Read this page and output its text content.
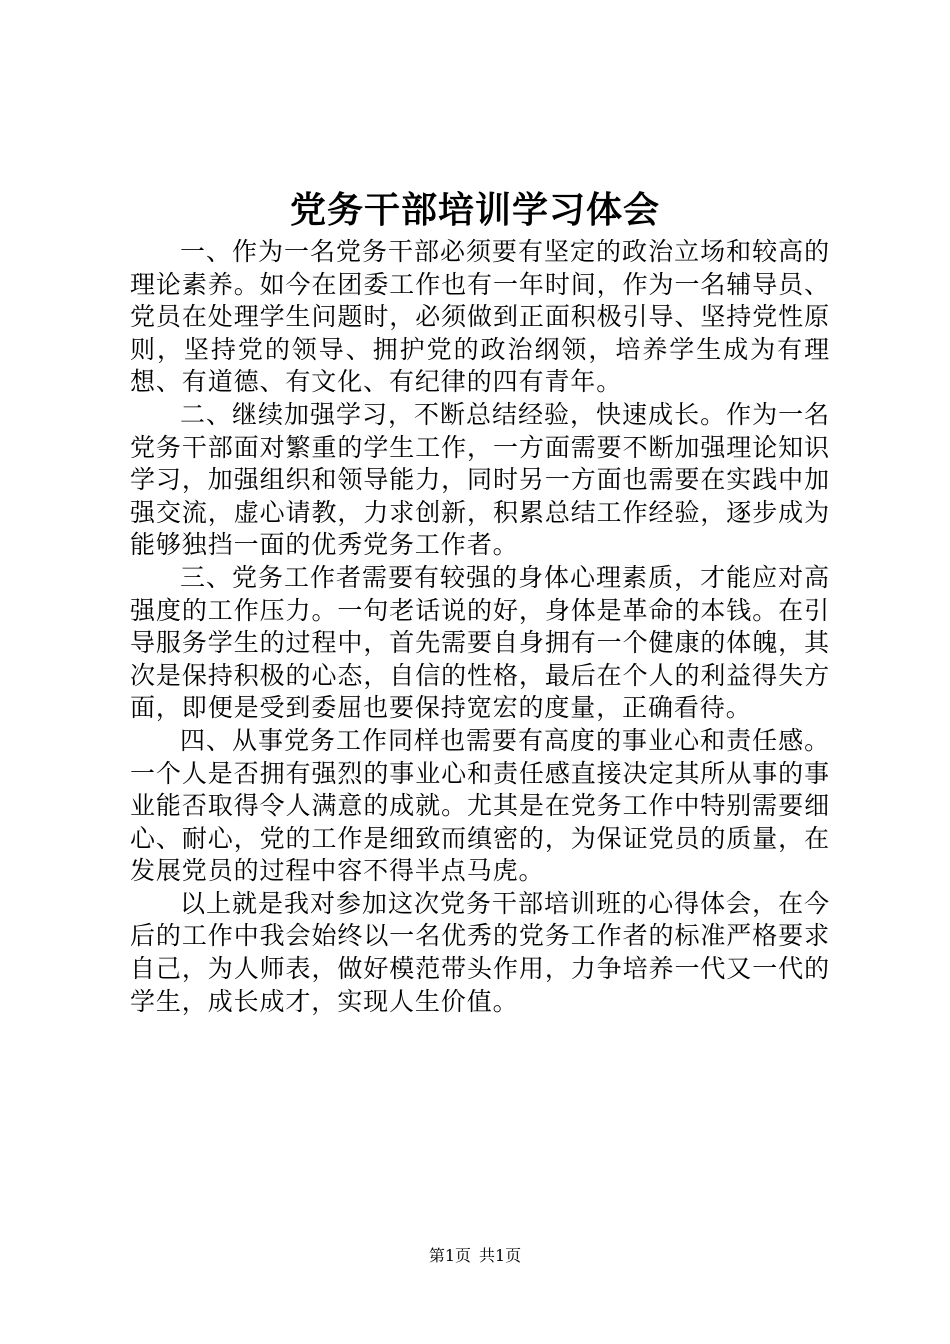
党务干部培训学习体会

一、作为一名党务干部必须要有坚定的政治立场和较高的理论素养。如今在团委工作也有一年时间，作为一名辅导员、党员在处理学生问题时，必须做到正面积极引导、坚持党性原则，坚持党的领导、拥护党的政治纲领，培养学生成为有理想、有道德、有文化、有纪律的四有青年。

二、继续加强学习，不断总结经验，快速成长。作为一名党务干部面对繁重的学生工作，一方面需要不断加强理论知识学习，加强组织和领导能力，同时另一方面也需要在实践中加强交流，虚心请教，力求创新，积累总结工作经验，逐步成为能够独挡一面的优秀党务工作者。

三、党务工作者需要有较强的身体心理素质，才能应对高强度的工作压力。一句老话说的好，身体是革命的本钱。在引导服务学生的过程中，首先需要自身拥有一个健康的体魄，其次是保持积极的心态，自信的性格，最后在个人的利益得失方面，即便是受到委屈也要保持宽宏的度量，正确看待。

四、从事党务工作同样也需要有高度的事业心和责任感。一个人是否拥有强烈的事业心和责任感直接决定其所从事的事业能否取得令人满意的成就。尤其是在党务工作中特别需要细心、耐心，党的工作是细致而缜密的，为保证党员的质量，在发展党员的过程中容不得半点马虎。

以上就是我对参加这次党务干部培训班的心得体会，在今后的工作中我会始终以一名优秀的党务工作者的标准严格要求自己，为人师表，做好模范带头作用，力争培养一代又一代的学生，成长成才，实现人生价值。

第1页 共1页
